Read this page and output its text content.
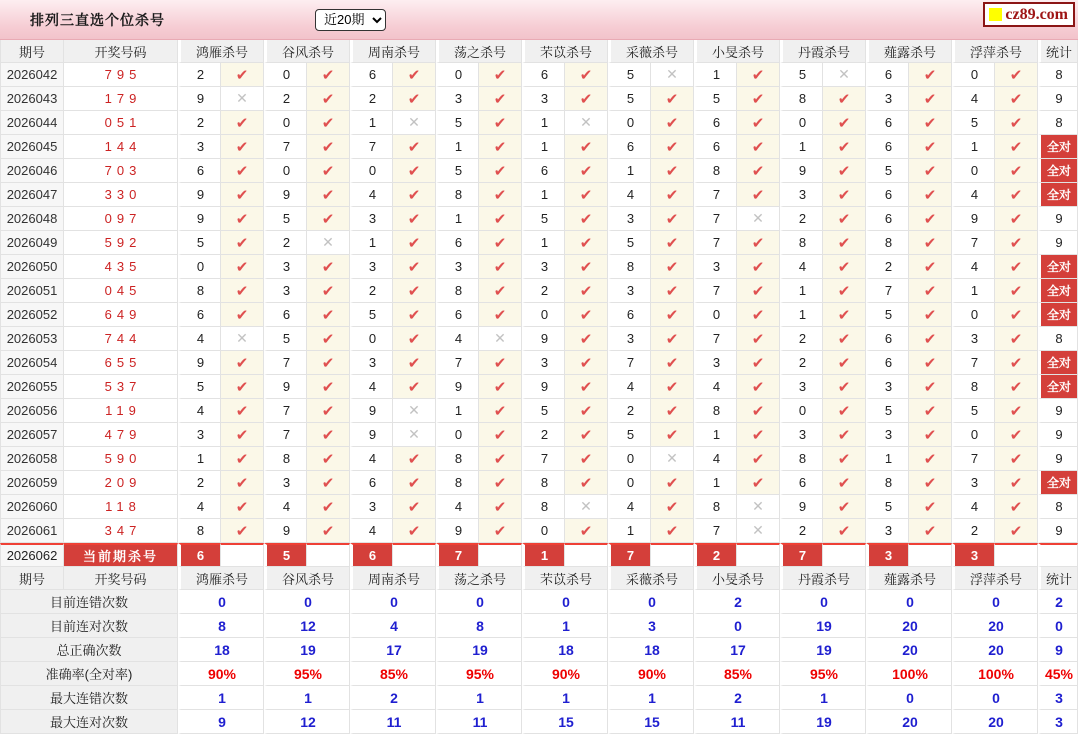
排列三直选个位杀号
近20期	cz89.com
期号	开奖号码	鸿雁杀号	谷风杀号	周南杀号	荡之杀号	芣苡杀号	采薇杀号	小旻杀号	丹霞杀号	薤露杀号	浮萍杀号	统计
2026042	795	2	✔	0	✔	6	✔	0	✔	6	✔	5	✕	1	✔	5	✕	6	✔	0	✔	8
2026043	179	9	✕	2	✔	2	✔	3	✔	3	✔	5	✔	5	✔	8	✔	3	✔	4	✔	9
2026044	051	2	✔	0	✔	1	✕	5	✔	1	✕	0	✔	6	✔	0	✔	6	✔	5	✔	8
2026045	144	3	✔	7	✔	7	✔	1	✔	1	✔	6	✔	6	✔	1	✔	6	✔	1	✔	全对
2026046	703	6	✔	0	✔	0	✔	5	✔	6	✔	1	✔	8	✔	9	✔	5	✔	0	✔	全对
2026047	330	9	✔	9	✔	4	✔	8	✔	1	✔	4	✔	7	✔	3	✔	6	✔	4	✔	全对
2026048	097	9	✔	5	✔	3	✔	1	✔	5	✔	3	✔	7	✕	2	✔	6	✔	9	✔	9
2026049	592	5	✔	2	✕	1	✔	6	✔	1	✔	5	✔	7	✔	8	✔	8	✔	7	✔	9
2026050	435	0	✔	3	✔	3	✔	3	✔	3	✔	8	✔	3	✔	4	✔	2	✔	4	✔	全对
2026051	045	8	✔	3	✔	2	✔	8	✔	2	✔	3	✔	7	✔	1	✔	7	✔	1	✔	全对
2026052	649	6	✔	6	✔	5	✔	6	✔	0	✔	6	✔	0	✔	1	✔	5	✔	0	✔	全对
2026053	744	4	✕	5	✔	0	✔	4	✕	9	✔	3	✔	7	✔	2	✔	6	✔	3	✔	8
2026054	655	9	✔	7	✔	3	✔	7	✔	3	✔	7	✔	3	✔	2	✔	6	✔	7	✔	全对
2026055	537	5	✔	9	✔	4	✔	9	✔	9	✔	4	✔	4	✔	3	✔	3	✔	8	✔	全对
2026056	119	4	✔	7	✔	9	✕	1	✔	5	✔	2	✔	8	✔	0	✔	5	✔	5	✔	9
2026057	479	3	✔	7	✔	9	✕	0	✔	2	✔	5	✔	1	✔	3	✔	3	✔	0	✔	9
2026058	590	1	✔	8	✔	4	✔	8	✔	7	✔	0	✕	4	✔	8	✔	1	✔	7	✔	9
2026059	209	2	✔	3	✔	6	✔	8	✔	8	✔	0	✔	1	✔	6	✔	8	✔	3	✔	全对
2026060	118	4	✔	4	✔	3	✔	4	✔	8	✕	4	✔	8	✕	9	✔	5	✔	4	✔	8
2026061	347	8	✔	9	✔	4	✔	9	✔	0	✔	1	✔	7	✕	2	✔	3	✔	2	✔	9
2026062	当前期杀号	6	5	6	7	1	7	2	7	3	3
期号	开奖号码	鸿雁杀号	谷风杀号	周南杀号	荡之杀号	芣苡杀号	采薇杀号	小旻杀号	丹霞杀号	薤露杀号	浮萍杀号	统计
目前连错次数	0	0	0	0	0	0	2	0	0	0	2
目前连对次数	8	12	4	8	1	3	0	19	20	20	0
总正确次数	18	19	17	19	18	18	17	19	20	20	9
准确率(全对率)	90%	95%	85%	95%	90%	90%	85%	95%	100%	100%	45%
最大连错次数	1	1	2	1	1	1	2	1	0	0	3
最大连对次数	9	12	11	11	15	15	11	19	20	20	3
